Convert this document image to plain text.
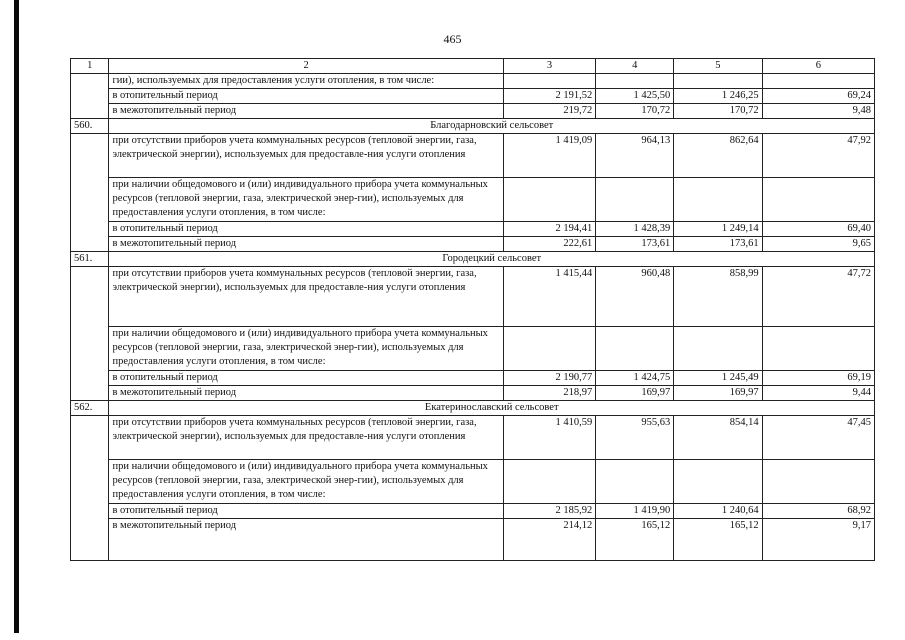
465
1	2	3	4	5	6
	гии), используемых для предоставления услуги отопления, в том числе:				
	в отопительный период	2 191,52	1 425,50	1 246,25	69,24
	в межотопительный период	219,72	170,72	170,72	9,48
560.	Благодарновский сельсовет				
	при отсутствии приборов учета коммунальных ресурсов (тепловой энергии, газа, электрической энергии), используемых для предоставле-ния услуги отопления	1 419,09	964,13	862,64	47,92
	при наличии общедомового и (или) индивидуального прибора учета коммунальных ресурсов (тепловой энергии, газа, электрической энер-гии), используемых для предоставления услуги отопления, в том числе:				
	в отопительный период	2 194,41	1 428,39	1 249,14	69,40
	в межотопительный период	222,61	173,61	173,61	9,65
561.	Городецкий сельсовет				
	при отсутствии приборов учета коммунальных ресурсов (тепловой энергии, газа, электрической энергии), используемых для предоставле-ния услуги отопления	1 415,44	960,48	858,99	47,72
	при наличии общедомового и (или) индивидуального прибора учета коммунальных ресурсов (тепловой энергии, газа, электрической энер-гии), используемых для предоставления услуги отопления, в том числе:				
	в отопительный период	2 190,77	1 424,75	1 245,49	69,19
	в межотопительный период	218,97	169,97	169,97	9,44
562.	Екатеринославский сельсовет				
	при отсутствии приборов учета коммунальных ресурсов (тепловой энергии, газа, электрической энергии), используемых для предоставле-ния услуги отопления	1 410,59	955,63	854,14	47,45
	при наличии общедомового и (или) индивидуального прибора учета коммунальных ресурсов (тепловой энергии, газа, электрической энер-гии), используемых для предоставления услуги отопления, в том числе:				
	в отопительный период	2 185,92	1 419,90	1 240,64	68,92
	в межотопительный период	214,12	165,12	165,12	9,17
